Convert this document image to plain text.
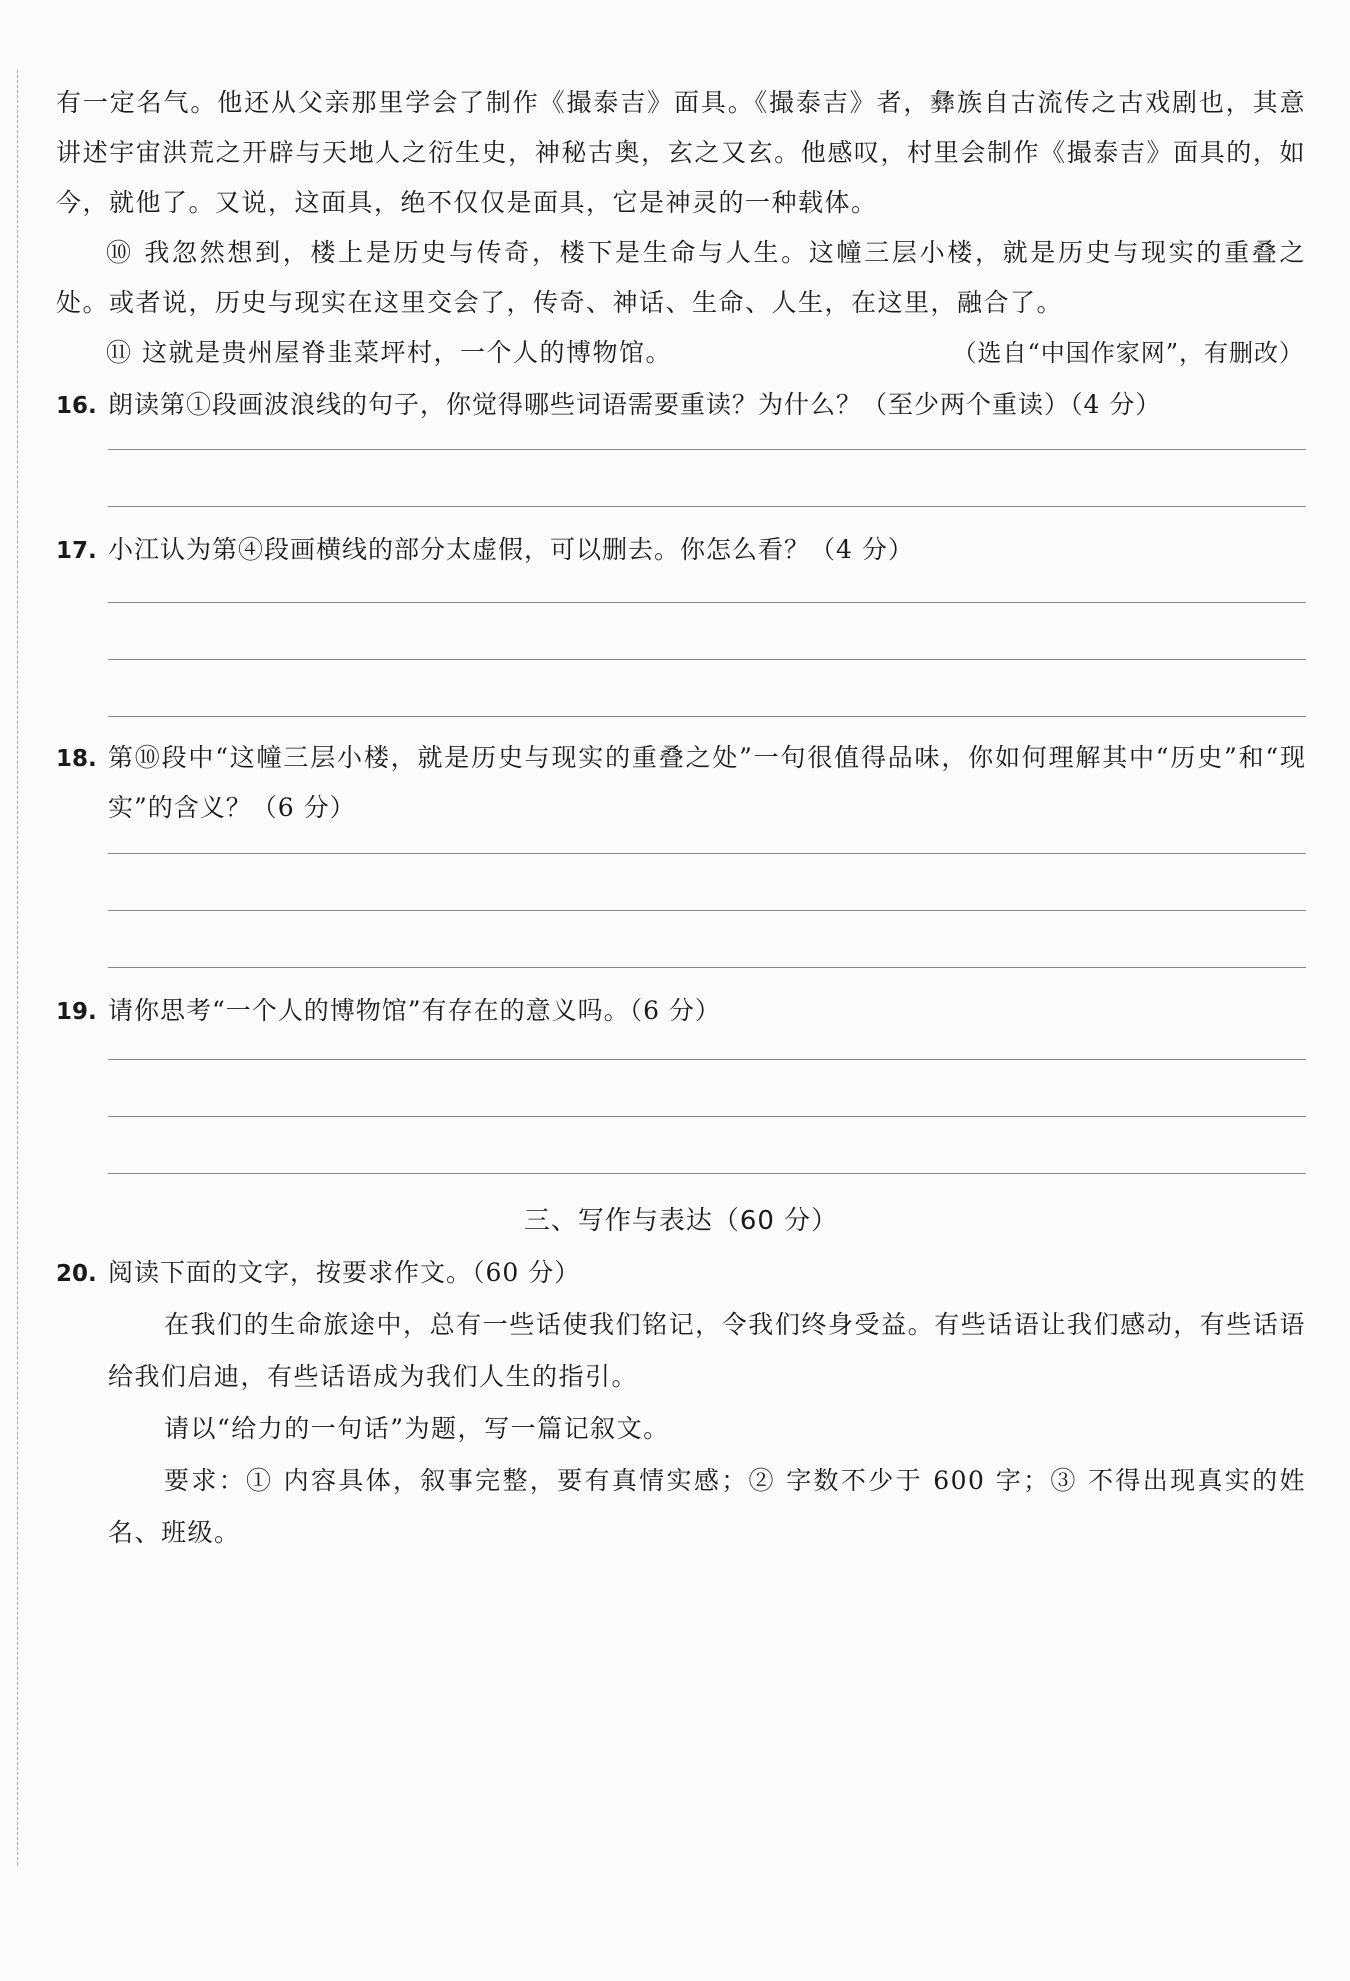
有一定名气。他还从父亲那里学会了制作《撮泰吉》面具。《撮泰吉》者，彝族自古流传之古戏剧也，其意讲述宇宙洪荒之开辟与天地人之衍生史，神秘古奥，玄之又玄。他感叹，村里会制作《撮泰吉》面具的，如今，就他了。又说，这面具，绝不仅仅是面具，它是神灵的一种载体。

⑩ 我忽然想到，楼上是历史与传奇，楼下是生命与人生。这幢三层小楼，就是历史与现实的重叠之处。或者说，历史与现实在这里交会了，传奇、神话、生命、人生，在这里，融合了。

⑪ 这就是贵州屋脊韭菜坪村，一个人的博物馆。	（选自“中国作家网”，有删改）
16. 朗读第①段画波浪线的句子，你觉得哪些词语需要重读？为什么？（至少两个重读）（4 分）
17. 小江认为第④段画横线的部分太虚假，可以删去。你怎么看？（4 分）
18. 第⑩段中“这幢三层小楼，就是历史与现实的重叠之处”一句很值得品味，你如何理解其中“历史”和“现实”的含义？（6 分）
19. 请你思考“一个人的博物馆”有存在的意义吗。（6 分）

三、写作与表达（60 分）

20. 阅读下面的文字，按要求作文。（60 分）

在我们的生命旅途中，总有一些话使我们铭记，令我们终身受益。有些话语让我们感动，有些话语给我们启迪，有些话语成为我们人生的指引。

请以“给力的一句话”为题，写一篇记叙文。

要求：① 内容具体，叙事完整，要有真情实感；② 字数不少于 600 字；③ 不得出现真实的姓名、班级。
